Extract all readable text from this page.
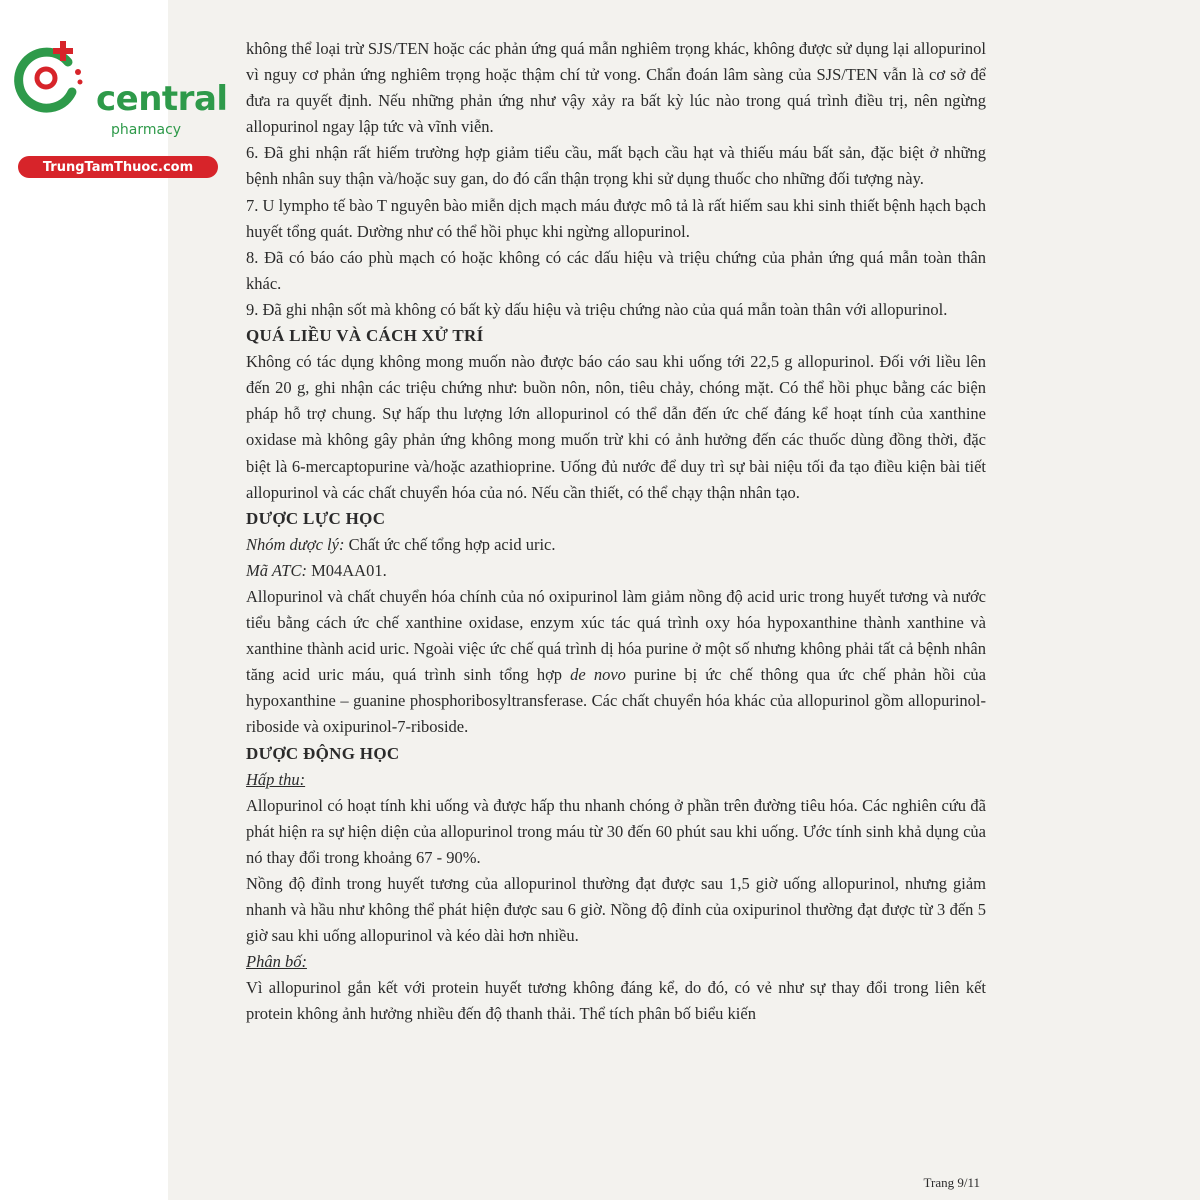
central
pharmacy
TrungTamThuoc.com

không thể loại trừ SJS/TEN hoặc các phản ứng quá mẫn nghiêm trọng khác, không được sử dụng lại allopurinol vì nguy cơ phản ứng nghiêm trọng hoặc thậm chí tử vong. Chẩn đoán lâm sàng của SJS/TEN vẫn là cơ sở để đưa ra quyết định. Nếu những phản ứng như vậy xảy ra bất kỳ lúc nào trong quá trình điều trị, nên ngừng allopurinol ngay lập tức và vĩnh viễn.

6. Đã ghi nhận rất hiếm trường hợp giảm tiểu cầu, mất bạch cầu hạt và thiếu máu bất sản, đặc biệt ở những bệnh nhân suy thận và/hoặc suy gan, do đó cẩn thận trọng khi sử dụng thuốc cho những đối tượng này.

7. U lympho tế bào T nguyên bào miễn dịch mạch máu được mô tả là rất hiếm sau khi sinh thiết bệnh hạch bạch huyết tổng quát. Dường như có thể hồi phục khi ngừng allopurinol.

8. Đã có báo cáo phù mạch có hoặc không có các dấu hiệu và triệu chứng của phản ứng quá mẫn toàn thân khác.

9. Đã ghi nhận sốt mà không có bất kỳ dấu hiệu và triệu chứng nào của quá mẫn toàn thân với allopurinol.

QUÁ LIỀU VÀ CÁCH XỬ TRÍ

Không có tác dụng không mong muốn nào được báo cáo sau khi uống tới 22,5 g allopurinol. Đối với liều lên đến 20 g, ghi nhận các triệu chứng như: buồn nôn, nôn, tiêu chảy, chóng mặt. Có thể hồi phục bằng các biện pháp hỗ trợ chung. Sự hấp thu lượng lớn allopurinol có thể dẫn đến ức chế đáng kể hoạt tính của xanthine oxidase mà không gây phản ứng không mong muốn trừ khi có ảnh hưởng đến các thuốc dùng đồng thời, đặc biệt là 6-mercaptopurine và/hoặc azathioprine. Uống đủ nước để duy trì sự bài niệu tối đa tạo điều kiện bài tiết allopurinol và các chất chuyển hóa của nó. Nếu cần thiết, có thể chạy thận nhân tạo.

DƯỢC LỰC HỌC

Nhóm dược lý: Chất ức chế tổng hợp acid uric.

Mã ATC: M04AA01.

Allopurinol và chất chuyển hóa chính của nó oxipurinol làm giảm nồng độ acid uric trong huyết tương và nước tiểu bằng cách ức chế xanthine oxidase, enzym xúc tác quá trình oxy hóa hypoxanthine thành xanthine và xanthine thành acid uric. Ngoài việc ức chế quá trình dị hóa purine ở một số nhưng không phải tất cả bệnh nhân tăng acid uric máu, quá trình sinh tổng hợp de novo purine bị ức chế thông qua ức chế phản hồi của hypoxanthine – guanine phosphoribosyltransferase. Các chất chuyển hóa khác của allopurinol gồm allopurinol-riboside và oxipurinol-7-riboside.

DƯỢC ĐỘNG HỌC

Hấp thu:

Allopurinol có hoạt tính khi uống và được hấp thu nhanh chóng ở phần trên đường tiêu hóa. Các nghiên cứu đã phát hiện ra sự hiện diện của allopurinol trong máu từ 30 đến 60 phút sau khi uống. Ước tính sinh khả dụng của nó thay đổi trong khoảng 67 - 90%.

Nồng độ đỉnh trong huyết tương của allopurinol thường đạt được sau 1,5 giờ uống allopurinol, nhưng giảm nhanh và hầu như không thể phát hiện được sau 6 giờ. Nồng độ đỉnh của oxipurinol thường đạt được từ 3 đến 5 giờ sau khi uống allopurinol và kéo dài hơn nhiều.

Phân bố:

Vì allopurinol gắn kết với protein huyết tương không đáng kể, do đó, có vẻ như sự thay đổi trong liên kết protein không ảnh hưởng nhiều đến độ thanh thải. Thể tích phân bố biểu kiến

Trang 9/11
